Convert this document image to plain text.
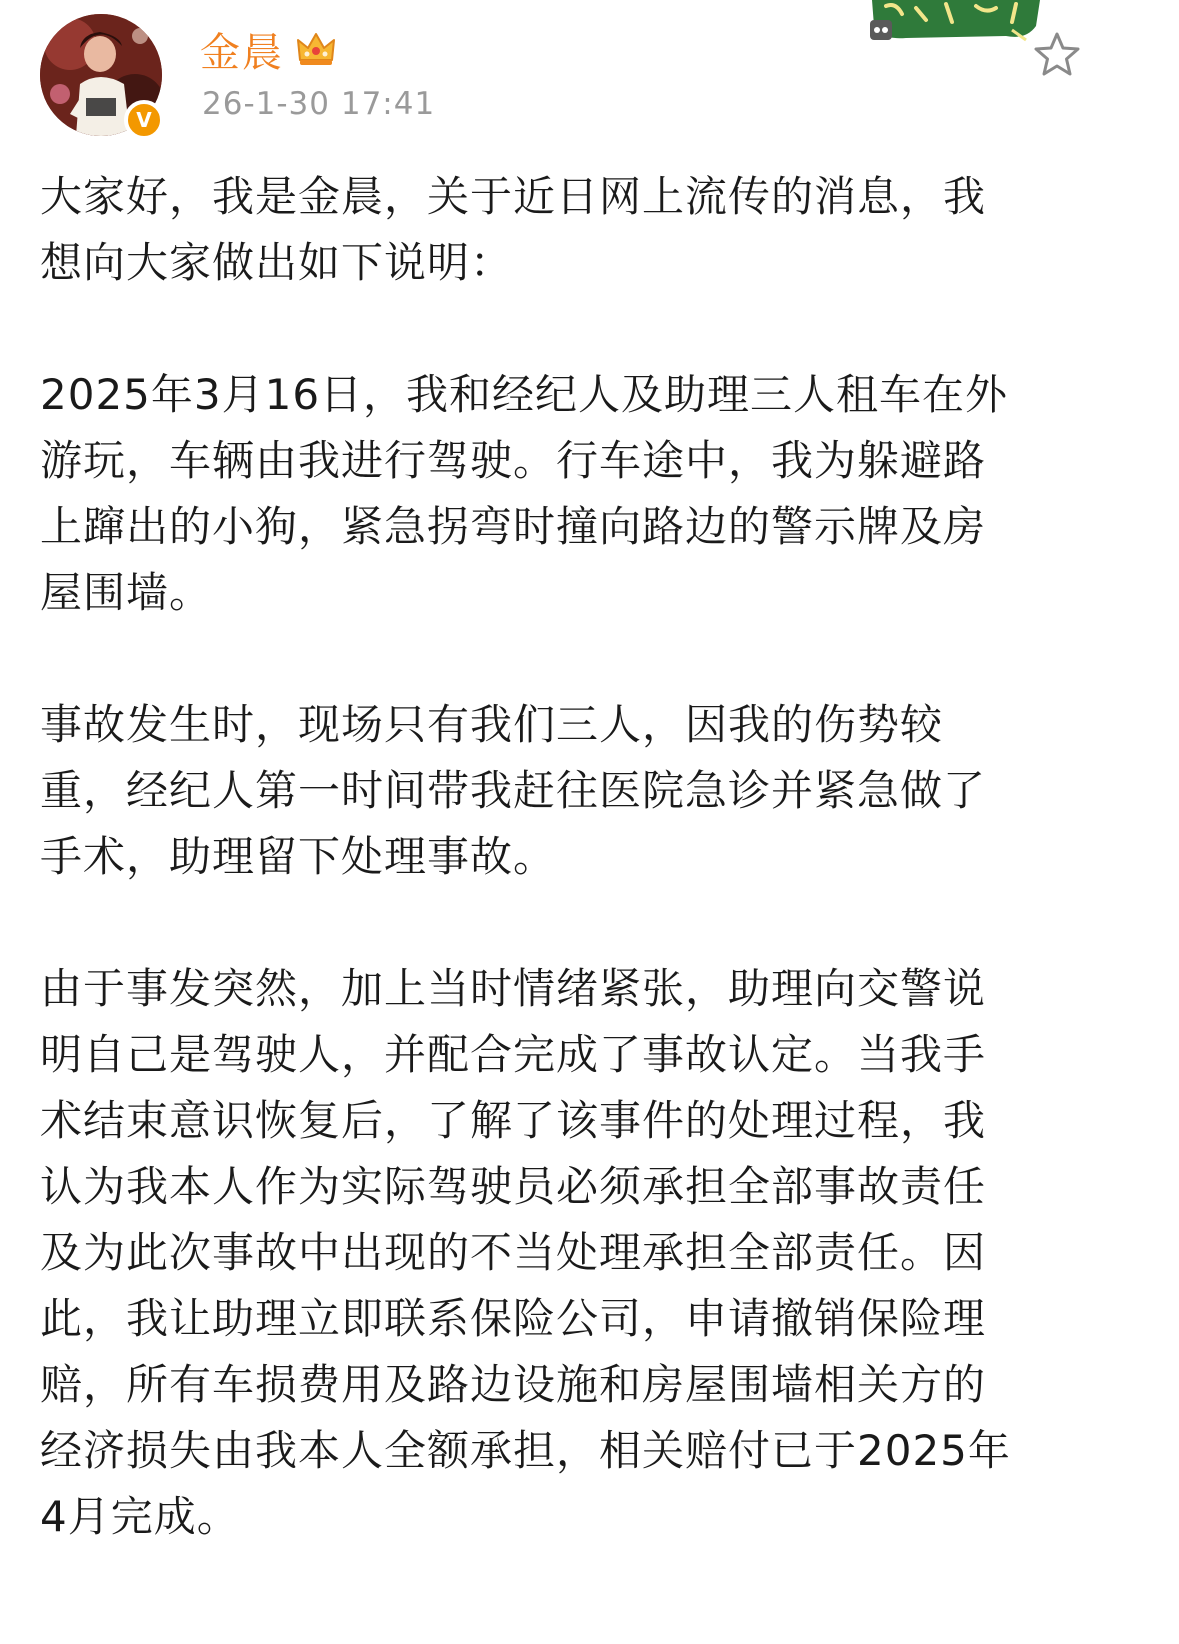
V
金晨
26-1-30 17:41

大家好，我是金晨，关于近日网上流传的消息，我
想向大家做出如下说明：

2025年3月16日，我和经纪人及助理三人租车在外
游玩，车辆由我进行驾驶。行车途中，我为躲避路
上蹿出的小狗，紧急拐弯时撞向路边的警示牌及房
屋围墙。

事故发生时，现场只有我们三人，因我的伤势较
重，经纪人第一时间带我赶往医院急诊并紧急做了
手术，助理留下处理事故。

由于事发突然，加上当时情绪紧张，助理向交警说
明自己是驾驶人，并配合完成了事故认定。当我手
术结束意识恢复后，了解了该事件的处理过程，我
认为我本人作为实际驾驶员必须承担全部事故责任
及为此次事故中出现的不当处理承担全部责任。因
此，我让助理立即联系保险公司，申请撤销保险理
赔，所有车损费用及路边设施和房屋围墙相关方的
经济损失由我本人全额承担，相关赔付已于2025年
4月完成。
